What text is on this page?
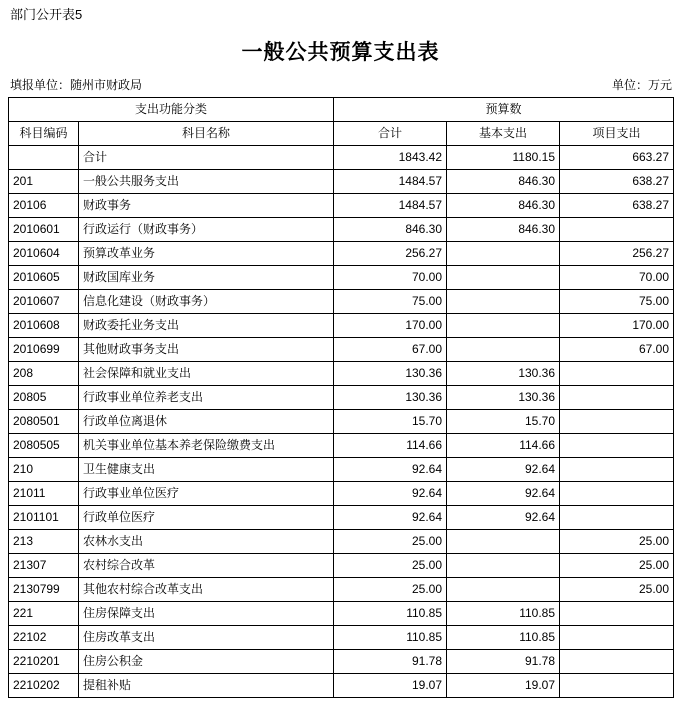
部门公开表5
一般公共预算支出表
填报单位：随州市财政局	单位：万元
支出功能分类		预算数		
科目编码	科目名称	合计	基本支出	项目支出
	合计	1843.42	1180.15	663.27
201	一般公共服务支出	1484.57	846.30	638.27
20106	财政事务	1484.57	846.30	638.27
2010601	行政运行（财政事务）	846.30	846.30	
2010604	预算改革业务	256.27		256.27
2010605	财政国库业务	70.00		70.00
2010607	信息化建设（财政事务）	75.00		75.00
2010608	财政委托业务支出	170.00		170.00
2010699	其他财政事务支出	67.00		67.00
208	社会保障和就业支出	130.36	130.36	
20805	行政事业单位养老支出	130.36	130.36	
2080501	行政单位离退休	15.70	15.70	
2080505	机关事业单位基本养老保险缴费支出	114.66	114.66	
210	卫生健康支出	92.64	92.64	
21011	行政事业单位医疗	92.64	92.64	
2101101	行政单位医疗	92.64	92.64	
213	农林水支出	25.00		25.00
21307	农村综合改革	25.00		25.00
2130799	其他农村综合改革支出	25.00		25.00
221	住房保障支出	110.85	110.85	
22102	住房改革支出	110.85	110.85	
2210201	住房公积金	91.78	91.78	
2210202	提租补贴	19.07	19.07	
